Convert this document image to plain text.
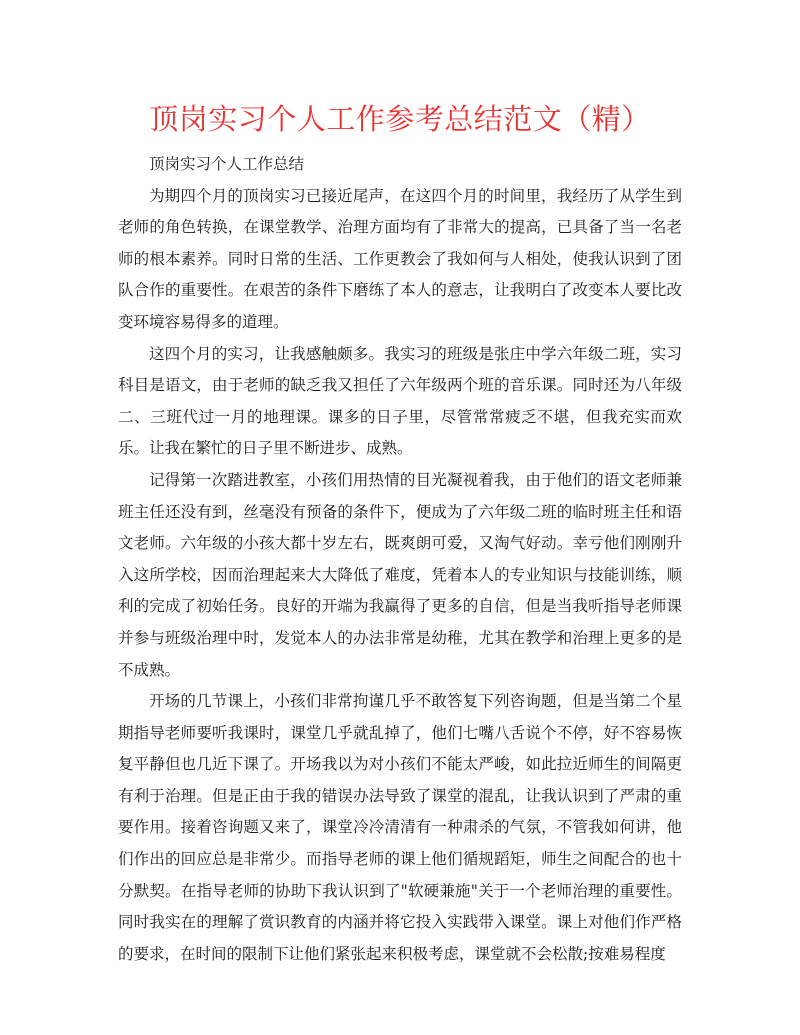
顶岗实习个人工作参考总结范文（精）

顶岗实习个人工作总结

为期四个月的顶岗实习已接近尾声，在这四个月的时间里，我经历了从学生到老师的角色转换，在课堂教学、治理方面均有了非常大的提高，已具备了当一名老师的根本素养。同时日常的生活、工作更教会了我如何与人相处，使我认识到了团队合作的重要性。在艰苦的条件下磨练了本人的意志，让我明白了改变本人要比改变环境容易得多的道理。

这四个月的实习，让我感触颇多。我实习的班级是张庄中学六年级二班，实习科目是语文，由于老师的缺乏我又担任了六年级两个班的音乐课。同时还为八年级二、三班代过一月的地理课。课多的日子里，尽管常常疲乏不堪，但我充实而欢乐。让我在繁忙的日子里不断进步、成熟。

记得第一次踏进教室，小孩们用热情的目光凝视着我，由于他们的语文老师兼班主任还没有到，丝毫没有预备的条件下，便成为了六年级二班的临时班主任和语文老师。六年级的小孩大都十岁左右，既爽朗可爱，又淘气好动。幸亏他们刚刚升入这所学校，因而治理起来大大降低了难度，凭着本人的专业知识与技能训练，顺利的完成了初始任务。良好的开端为我赢得了更多的自信，但是当我听指导老师课并参与班级治理中时，发觉本人的办法非常是幼稚，尤其在教学和治理上更多的是不成熟。

开场的几节课上，小孩们非常拘谨几乎不敢答复下列咨询题，但是当第二个星期指导老师要听我课时，课堂几乎就乱掉了，他们七嘴八舌说个不停，好不容易恢复平静但也几近下课了。开场我以为对小孩们不能太严峻，如此拉近师生的间隔更有利于治理。但是正由于我的错误办法导致了课堂的混乱，让我认识到了严肃的重要作用。接着咨询题又来了，课堂冷冷清清有一种肃杀的气氛，不管我如何讲，他们作出的回应总是非常少。而指导老师的课上他们循规蹈矩，师生之间配合的也十分默契。在指导老师的协助下我认识到了"软硬兼施"关于一个老师治理的重要性。同时我实在的理解了赏识教育的内涵并将它投入实践带入课堂。课上对他们作严格的要求，在时间的限制下让他们紧张起来积极考虑，课堂就不会松散;按难易程度
